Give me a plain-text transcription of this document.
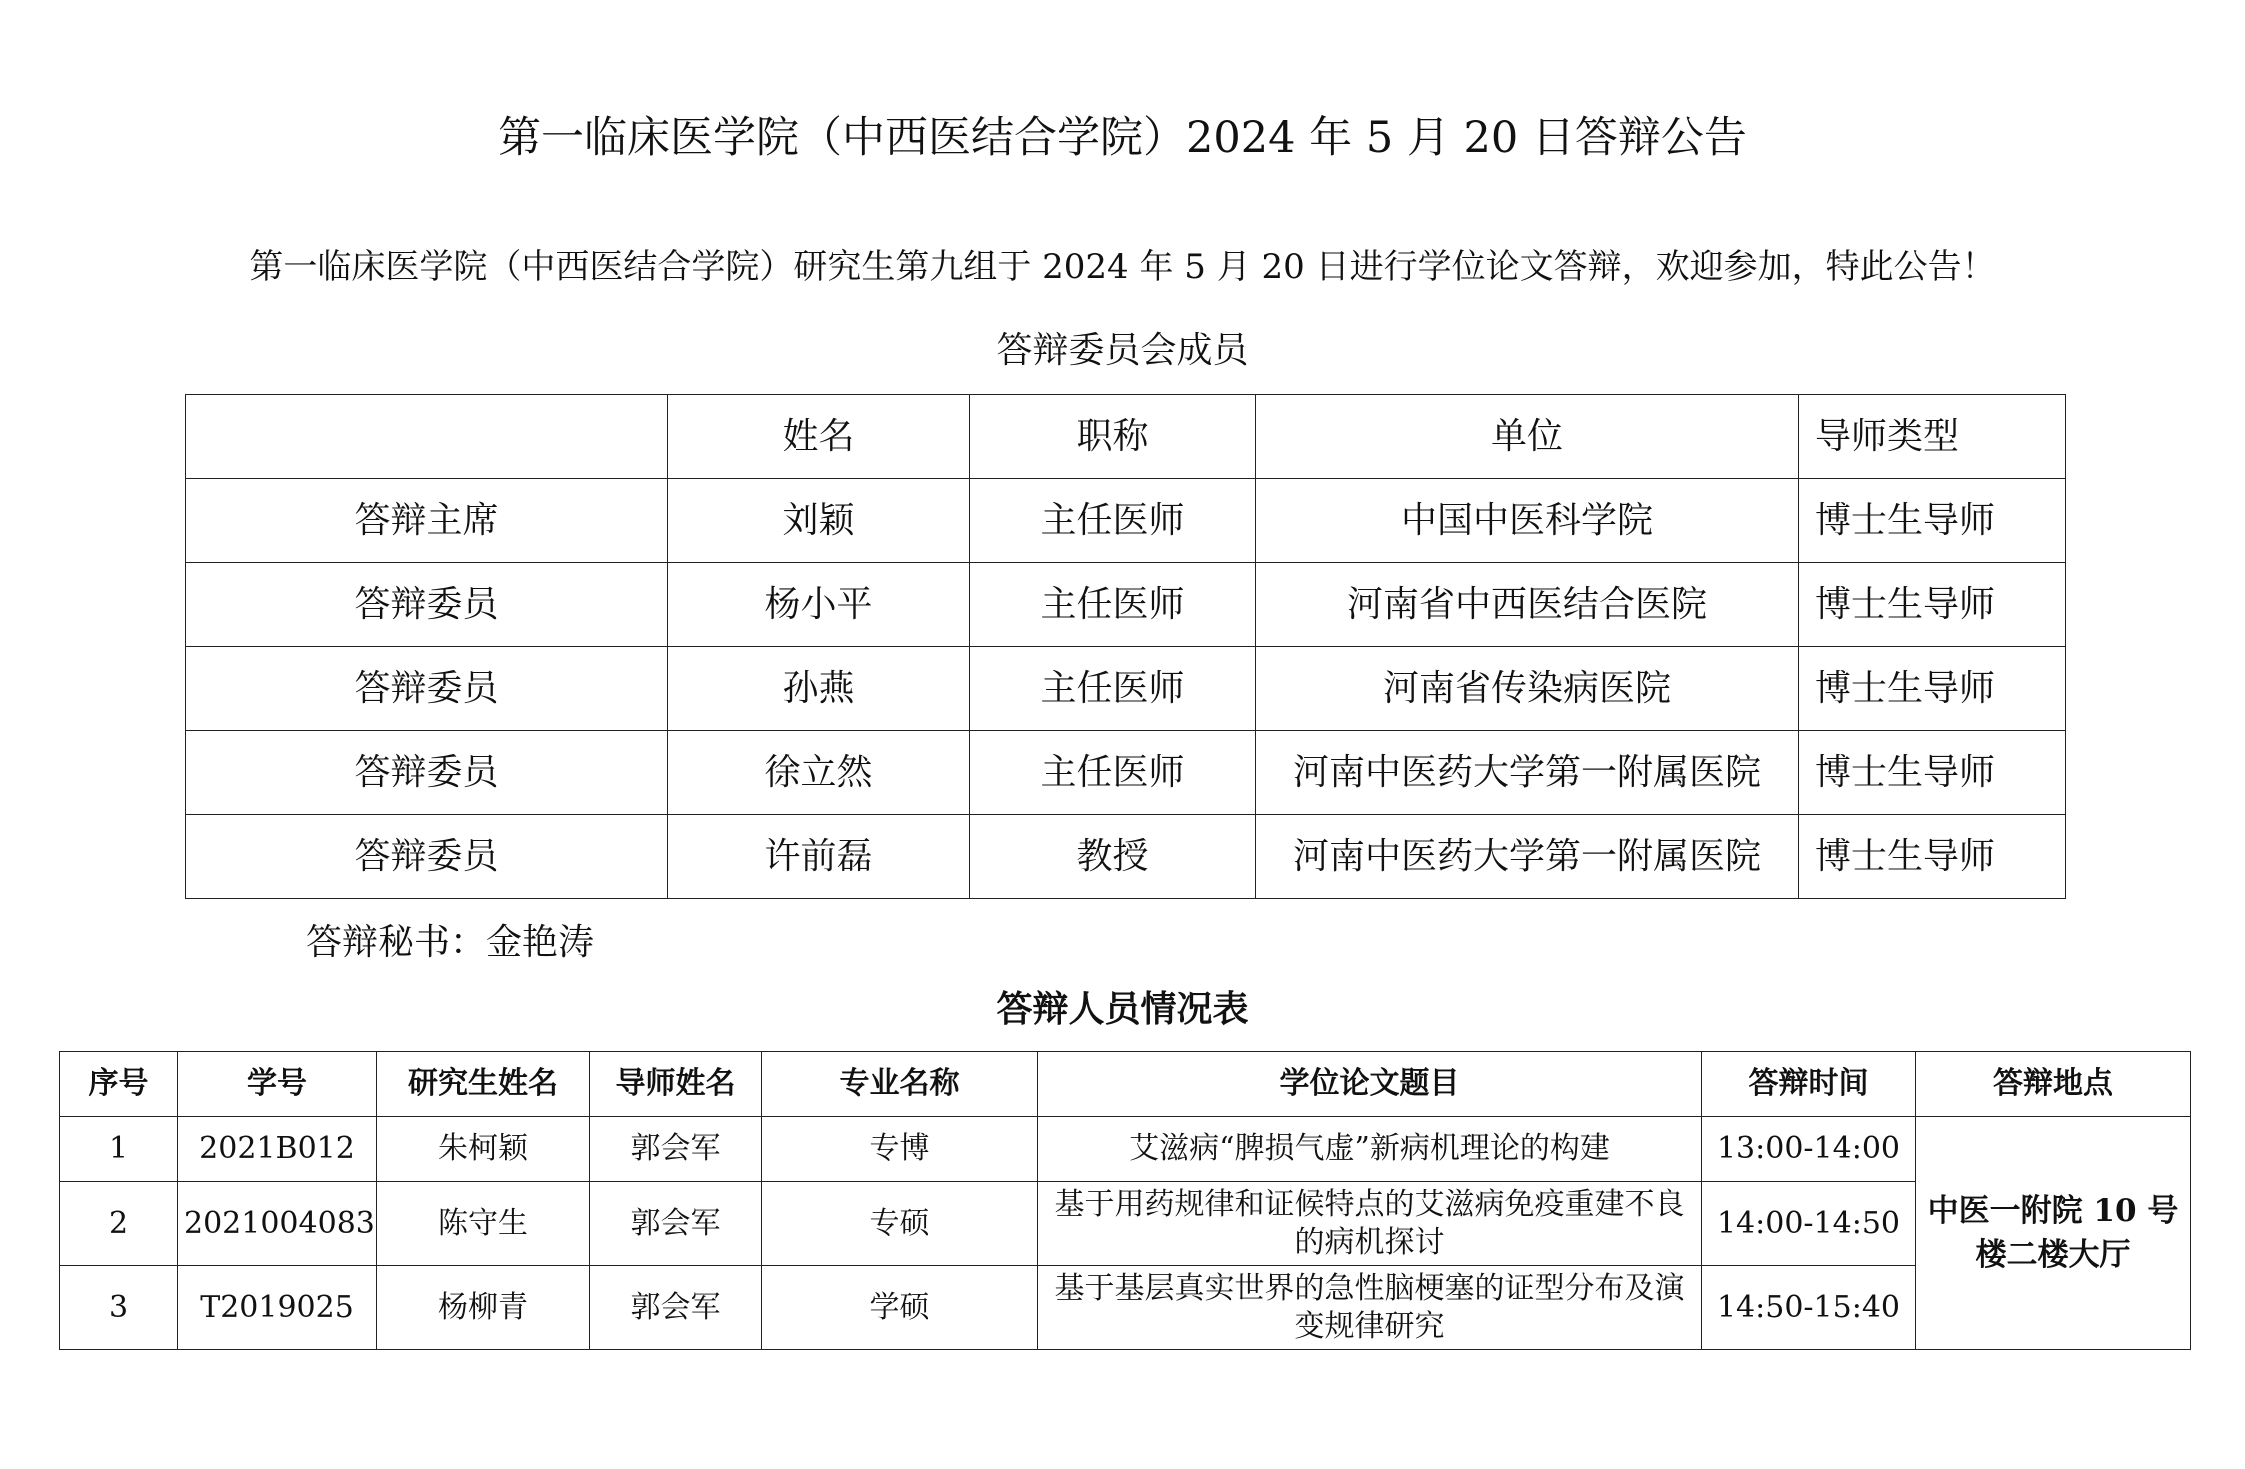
第一临床医学院（中西医结合学院）2024 年 5 月 20 日答辩公告
第一临床医学院（中西医结合学院）研究生第九组于 2024 年 5 月 20 日进行学位论文答辩，欢迎参加，特此公告！
答辩委员会成员
	姓名	职称	单位	导师类型
答辩主席	刘颖	主任医师	中国中医科学院	博士生导师
答辩委员	杨小平	主任医师	河南省中西医结合医院	博士生导师
答辩委员	孙燕	主任医师	河南省传染病医院	博士生导师
答辩委员	徐立然	主任医师	河南中医药大学第一附属医院	博士生导师
答辩委员	许前磊	教授	河南中医药大学第一附属医院	博士生导师
答辩秘书：金艳涛
答辩人员情况表
序号	学号	研究生姓名	导师姓名	专业名称	学位论文题目	答辩时间	答辩地点
1	2021B012	朱柯颖	郭会军	专博	艾滋病“脾损气虚”新病机理论的构建	13:00-14:00	中医一附院 10 号楼二楼大厅
2	2021004083	陈守生	郭会军	专硕	基于用药规律和证候特点的艾滋病免疫重建不良的病机探讨	14:00-14:50	
3	T2019025	杨柳青	郭会军	学硕	基于基层真实世界的急性脑梗塞的证型分布及演变规律研究	14:50-15:40	
